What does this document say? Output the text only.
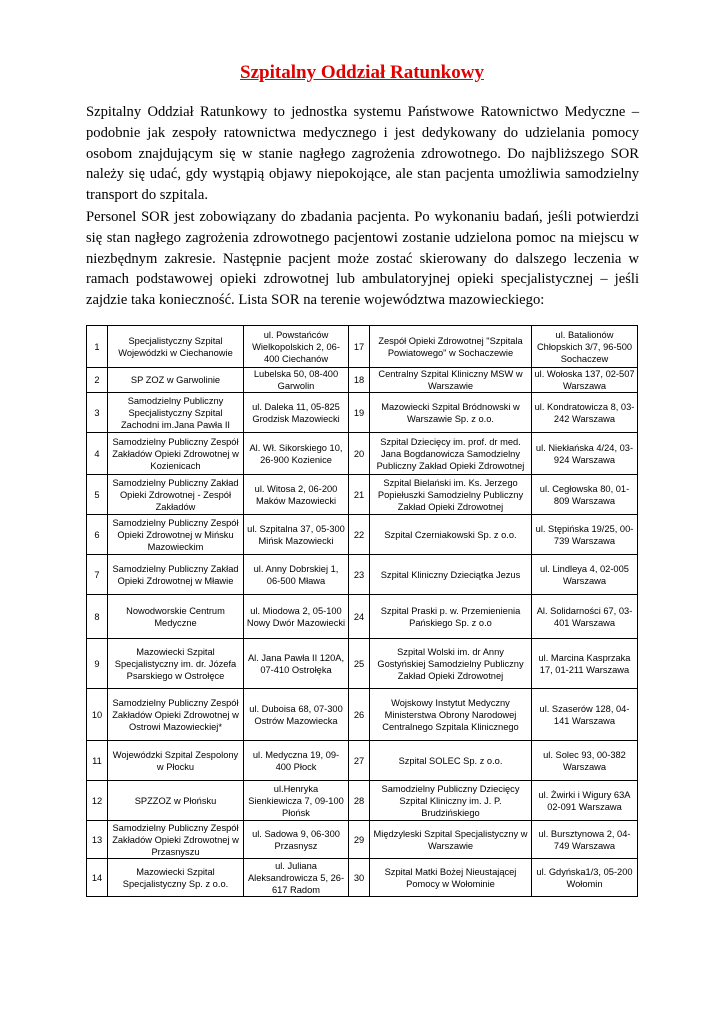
Szpitalny Oddział Ratunkowy

Szpitalny Oddział Ratunkowy to jednostka systemu Państwowe Ratownictwo Medyczne – podobnie jak zespoły ratownictwa medycznego i jest dedykowany do udzielania pomocy osobom znajdującym się w stanie nagłego zagrożenia zdrowotnego. Do najbliższego SOR należy się udać, gdy wystąpią objawy niepokojące, ale stan pacjenta umożliwia samodzielny transport do szpitala.

Personel SOR jest zobowiązany do zbadania pacjenta. Po wykonaniu badań, jeśli potwierdzi się stan nagłego zagrożenia zdrowotnego pacjentowi zostanie udzielona pomoc na miejscu w niezbędnym zakresie. Następnie pacjent może zostać skierowany do dalszego leczenia w ramach podstawowej opieki zdrowotnej lub ambulatoryjnej opieki specjalistycznej – jeśli zajdzie taka konieczność. Lista SOR na terenie województwa mazowieckiego:

1	Specjalistyczny Szpital Wojewódzki w Ciechanowie	ul. Powstańców Wielkopolskich 2, 06-400 Ciechanów	17	Zespół Opieki Zdrowotnej "Szpitala Powiatowego" w Sochaczewie	ul. Batalionów Chłopskich 3/7, 96-500 Sochaczew
2	SP ZOZ w Garwolinie	Lubelska 50, 08-400 Garwolin	18	Centralny Szpital Kliniczny MSW w Warszawie	ul. Wołoska 137, 02-507 Warszawa
3	Samodzielny Publiczny Specjalistyczny Szpital Zachodni im.Jana Pawła II	ul. Daleka 11, 05-825 Grodzisk Mazowiecki	19	Mazowiecki Szpital Bródnowski w Warszawie Sp. z o.o.	ul. Kondratowicza 8, 03-242 Warszawa
4	Samodzielny Publiczny Zespół Zakładów Opieki Zdrowotnej w Kozienicach	Al. Wł. Sikorskiego 10, 26-900 Kozienice	20	Szpital Dziecięcy im. prof. dr med. Jana Bogdanowicza Samodzielny Publiczny Zakład Opieki Zdrowotnej	ul. Niekłańska 4/24, 03-924 Warszawa
5	Samodzielny Publiczny Zakład Opieki Zdrowotnej - Zespół Zakładów	ul. Witosa 2, 06-200 Maków Mazowiecki	21	Szpital Bielański im. Ks. Jerzego Popiełuszki Samodzielny Publiczny Zakład Opieki Zdrowotnej	ul. Cegłowska 80, 01-809 Warszawa
6	Samodzielny Publiczny Zespół Opieki Zdrowotnej w Mińsku Mazowieckim	ul. Szpitalna 37, 05-300 Mińsk Mazowiecki	22	Szpital Czerniakowski Sp. z o.o.	ul. Stępińska 19/25, 00-739 Warszawa
7	Samodzielny Publiczny Zakład Opieki Zdrowotnej w Mławie	ul. Anny Dobrskiej 1, 06-500 Mława	23	Szpital Kliniczny Dzieciątka Jezus	ul. Lindleya 4, 02-005 Warszawa
8	Nowodworskie Centrum Medyczne	ul. Miodowa 2, 05-100 Nowy Dwór Mazowiecki	24	Szpital Praski p. w. Przemienienia Pańskiego Sp. z o.o	Al. Solidarności 67, 03-401 Warszawa
9	Mazowiecki Szpital Specjalistyczny im. dr. Józefa Psarskiego w Ostrołęce	Al. Jana Pawła II 120A, 07-410 Ostrołęka	25	Szpital Wolski im. dr Anny Gostyńskiej Samodzielny Publiczny Zakład Opieki Zdrowotnej	ul. Marcina Kasprzaka 17, 01-211 Warszawa
10	Samodzielny Publiczny Zespół Zakładów Opieki Zdrowotnej w Ostrowi Mazowieckiej*	ul. Duboisa 68, 07-300 Ostrów Mazowiecka	26	Wojskowy Instytut Medyczny Ministerstwa Obrony Narodowej Centralnego Szpitala Klinicznego	ul. Szaserów 128, 04-141 Warszawa
11	Wojewódzki Szpital Zespolony w Płocku	ul. Medyczna 19, 09-400 Płock	27	Szpital SOLEC Sp. z o.o.	ul. Solec 93, 00-382 Warszawa
12	SPZZOZ w Płońsku	ul.Henryka Sienkiewicza 7, 09-100 Płońsk	28	Samodzielny Publiczny Dziecięcy Szpital Kliniczny im. J. P. Brudzińskiego	ul. Żwirki i Wigury 63A 02-091 Warszawa
13	Samodzielny Publiczny Zespół Zakładów Opieki Zdrowotnej w Przasnyszu	ul. Sadowa 9, 06-300 Przasnysz	29	Międzyleski Szpital Specjalistyczny w Warszawie	ul. Bursztynowa 2, 04-749 Warszawa
14	Mazowiecki Szpital Specjalistyczny Sp. z o.o.	ul. Juliana Aleksandrowicza 5, 26-617 Radom	30	Szpital Matki Bożej Nieustającej Pomocy w Wołominie	ul. Gdyńska1/3, 05-200 Wołomin
